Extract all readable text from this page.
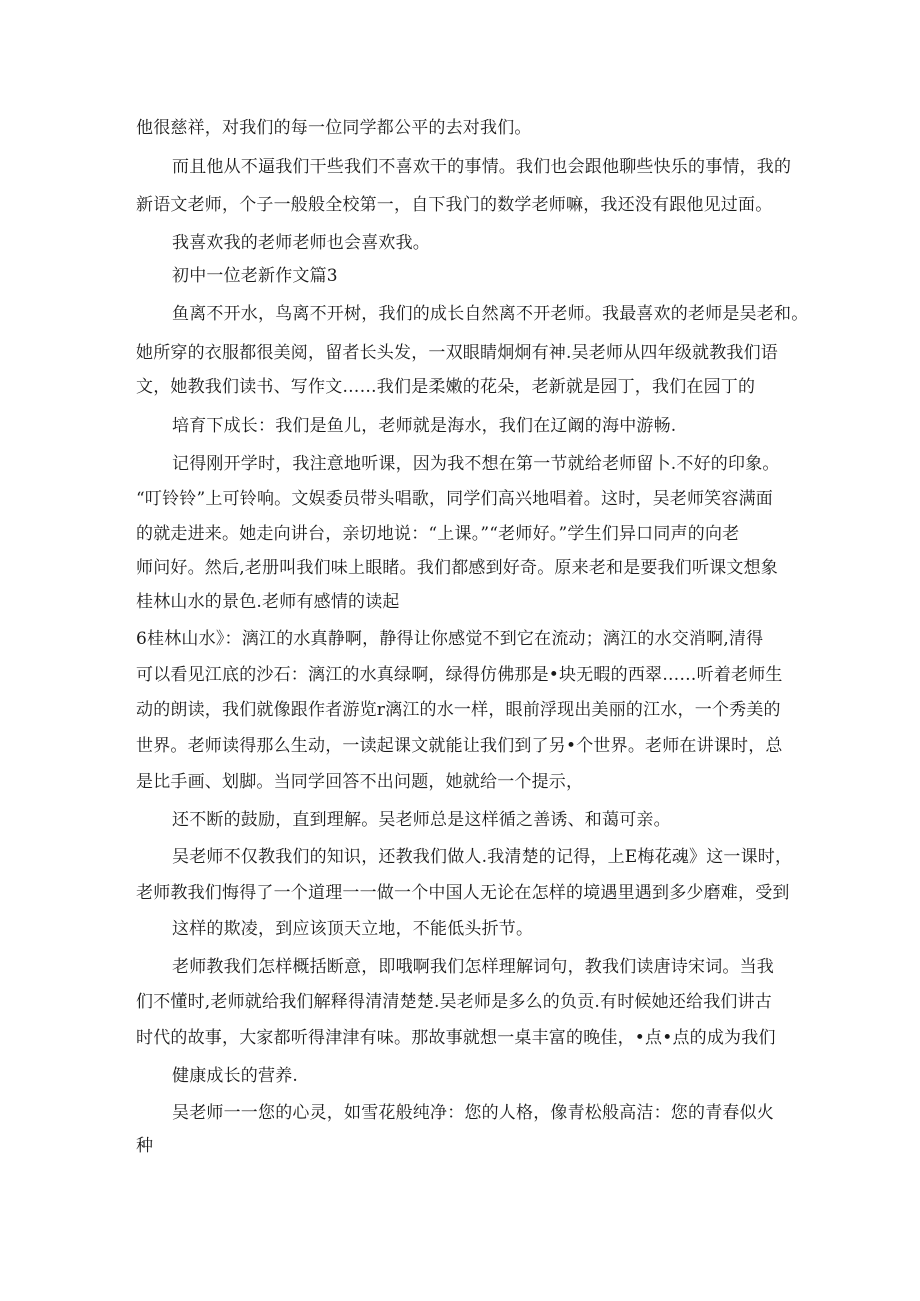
他很慈祥，对我们的每一位同学都公平的去对我们。
而且他从不逼我们干些我们不喜欢干的事情。我们也会跟他聊些快乐的事情，我的
新语文老师，个子一般般全校第一，自下我门的数学老师嘛，我还没有跟他见过面。
我喜欢我的老师老师也会喜欢我。
初中一位老新作文篇3
鱼离不开水，鸟离不开树，我们的成长自然离不开老师。我最喜欢的老师是吴老和。
她所穿的衣服都很美阅，留者长头发，一双眼睛炯炯有神.吴老师从四年级就教我们语
文，她教我们读书、写作文……我们是柔嫩的花朵，老新就是园丁，我们在园丁的
培育下成长：我们是鱼儿，老师就是海水，我们在辽阚的海中游畅.
记得刚开学时，我注意地听课，因为我不想在第一节就给老师留卜.不好的印象。
“叮铃铃”上可铃响。文娱委员带头唱歌，同学们高兴地唱着。这时，吴老师笑容满面
的就走进来。她走向讲台，亲切地说：“上课。”“老师好。”学生们异口同声的向老
师问好。然后,老册叫我们味上眼睹。我们都感到好奇。原来老和是要我们听课文想象
桂林山水的景色.老师有感情的读起
6桂林山水》：漓江的水真静啊，静得让你感觉不到它在流动；漓江的水交消啊,清得
可以看见江底的沙石：漓江的水真绿啊，绿得仿佛那是•块无暇的西翠……听着老师生
动的朗读，我们就像跟作者游览r漓江的水一样，眼前浮现出美丽的江水，一个秀美的
世界。老师读得那么生动，一读起课文就能让我们到了另•个世界。老师在讲课时，总
是比手画、划脚。当同学回答不出问题，她就给一个提示，
还不断的鼓励，直到理解。吴老师总是这样循之善诱、和蔼可亲。
吴老师不仅教我们的知识，还教我们做人.我清楚的记得，上E梅花魂》这一课时，
老师教我们悔得了一个道理一一做一个中国人无论在怎样的境遇里遇到多少磨难，受到
这样的欺凌，到应该顶天立地，不能低头折节。
老师教我们怎样概括断意，即哦啊我们怎样理解词句，教我们读唐诗宋词。当我
们不懂时,老师就给我们解释得清清楚楚.吴老师是多么的负贡.有时候她还给我们讲古
时代的故事，大家都听得津津有味。那故事就想一桌丰富的晚佳，•点•点的成为我们
健康成长的营养.
吴老师一一您的心灵，如雪花般纯净：您的人格，像青松般高洁：您的青春似火
种
